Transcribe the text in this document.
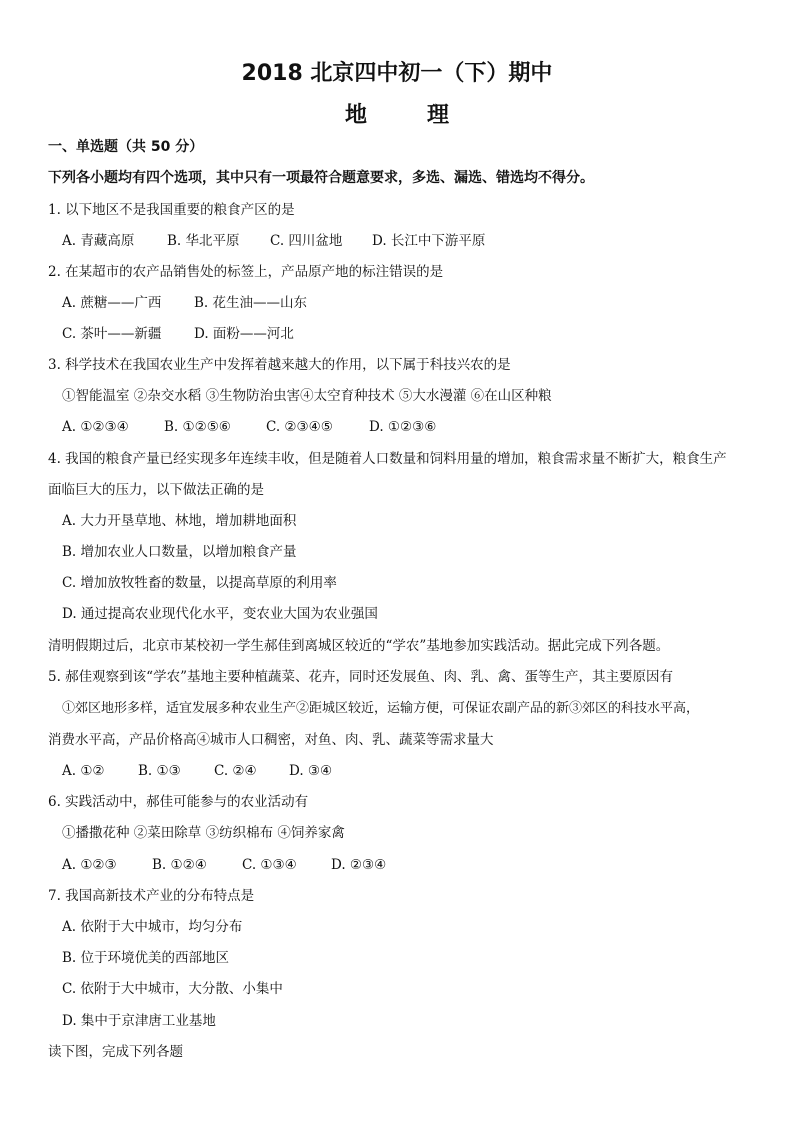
2018 北京四中初一（下）期中
地	理
一、单选题（共 50 分）
下列各小题均有四个选项，其中只有一项最符合题意要求，多选、漏选、错选均不得分。
1. 以下地区不是我国重要的粮食产区的是
A. 青藏高原 B. 华北平原 C. 四川盆地 D. 长江中下游平原
2. 在某超市的农产品销售处的标签上，产品原产地的标注错误的是
A. 蔗糖——广西 B. 花生油——山东
C. 茶叶——新疆 D. 面粉——河北
3. 科学技术在我国农业生产中发挥着越来越大的作用，以下属于科技兴农的是
①智能温室 ②杂交水稻 ③生物防治虫害④太空育种技术 ⑤大水漫灌 ⑥在山区种粮
A. ①②③④	B. ①②⑤⑥	C. ②③④⑤	D. ①②③⑥
4. 我国的粮食产量已经实现多年连续丰收，但是随着人口数量和饲料用量的增加，粮食需求量不断扩大，粮食生产
面临巨大的压力，以下做法正确的是
A. 大力开垦草地、林地，增加耕地面积
B. 增加农业人口数量，以增加粮食产量
C. 增加放牧牲畜的数量，以提高草原的利用率
D. 通过提高农业现代化水平，变农业大国为农业强国
清明假期过后，北京市某校初一学生郝佳到离城区较近的“学农”基地参加实践活动。据此完成下列各题。
5. 郝佳观察到该“学农”基地主要种植蔬菜、花卉，同时还发展鱼、肉、乳、禽、蛋等生产，其主要原因有
①郊区地形多样，适宜发展多种农业生产②距城区较近，运输方便，可保证农副产品的新③郊区的科技水平高，
消费水平高，产品价格高④城市人口稠密，对鱼、肉、乳、蔬菜等需求量大
A. ①② B. ①③ C. ②④ D. ③④
6. 实践活动中，郝佳可能参与的农业活动有
①播撒花种 ②菜田除草 ③纺织棉布 ④饲养家禽
A. ①②③	B. ①②④	C. ①③④	D. ②③④
7. 我国高新技术产业的分布特点是
A. 依附于大中城市，均匀分布
B. 位于环境优美的西部地区
C. 依附于大中城市，大分散、小集中
D. 集中于京津唐工业基地
读下图，完成下列各题
